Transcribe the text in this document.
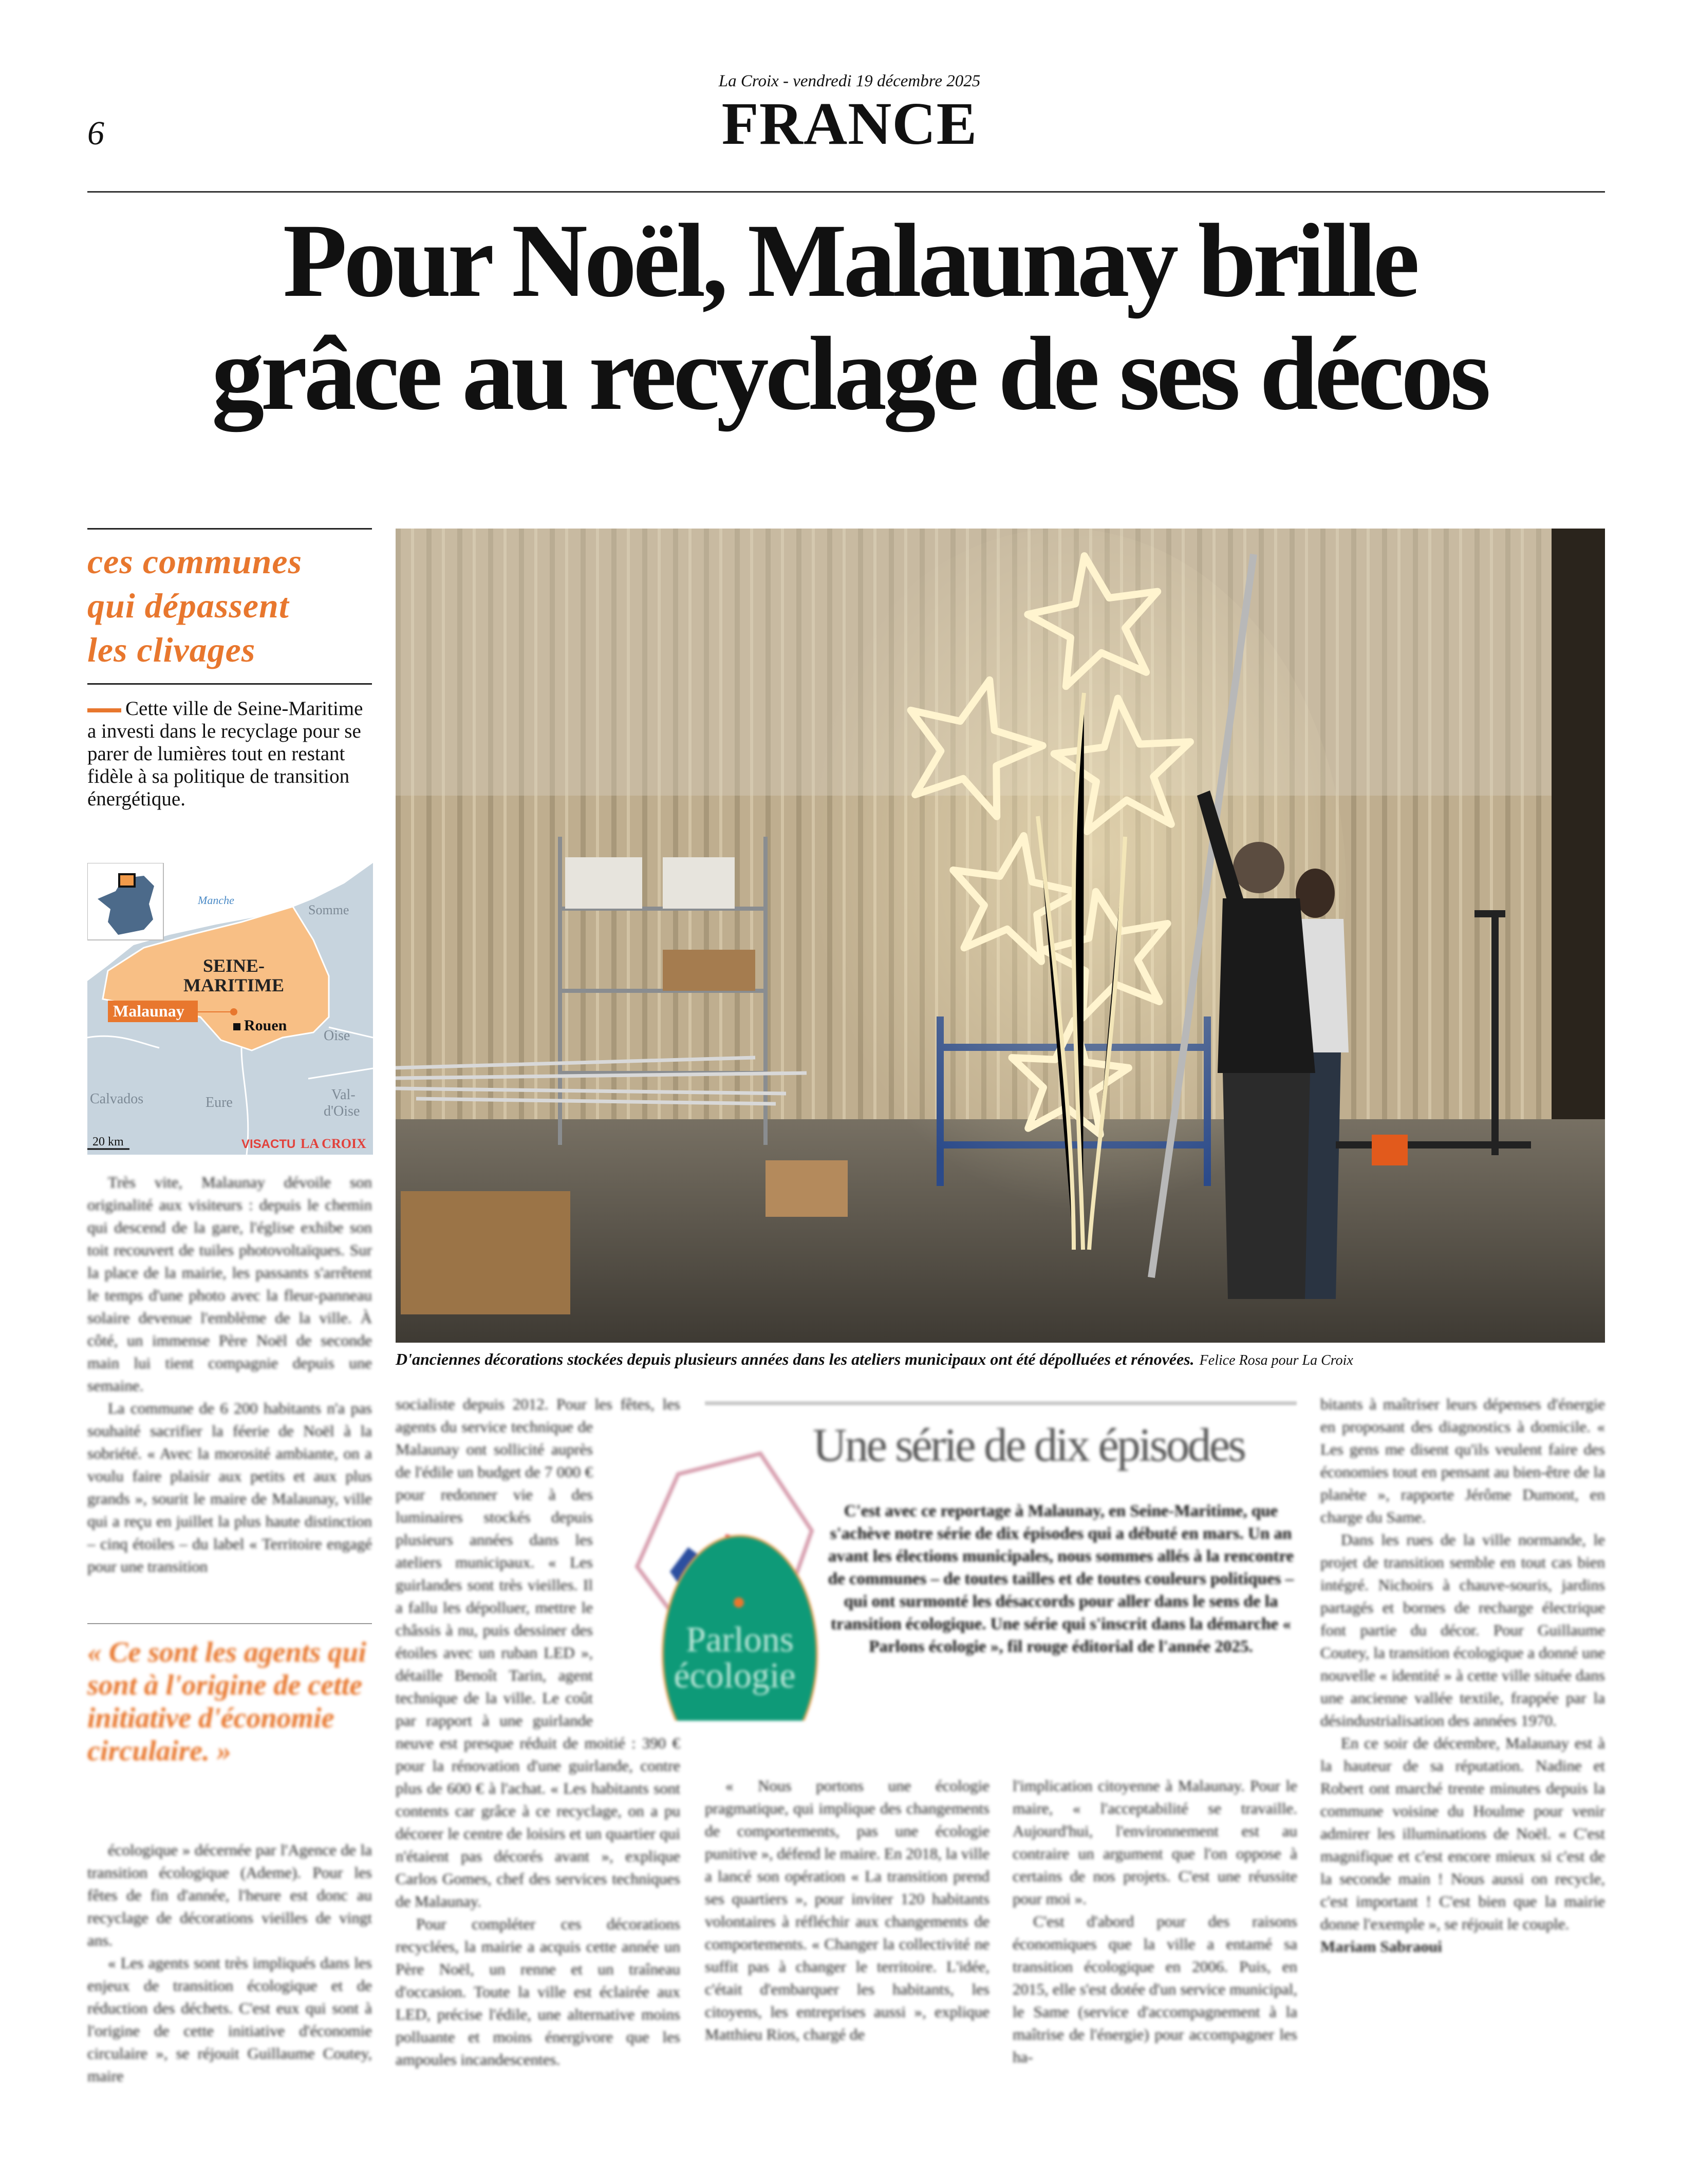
La Croix - vendredi 19 décembre 2025
FRANCE
6
Pour Noël, Malaunay brille
grâce au recyclage de ses décos
ces communes
qui dépassent
les clivages
Cette ville de Seine-Maritime a investi dans le recyclage pour se parer de lumières tout en restant fidèle à sa politique de transition énergétique.
Manche
Somme
SEINE-
MARITIME
Malaunay
Rouen
Oise
Calvados	Eure	Val-
d'Oise
20 km	VISACTU LA CROIX
D'anciennes décorations stockées depuis plusieurs années dans les ateliers municipaux ont été dépolluées et rénovées. Felice Rosa pour La Croix

Très vite, Malaunay dévoile son originalité aux visiteurs : depuis le chemin qui descend de la gare, l'église exhibe son toit recouvert de tuiles photovoltaïques. Sur la place de la mairie, les passants s'arrêtent le temps d'une photo avec la fleur-panneau solaire devenue l'emblème de la ville. À côté, un immense Père Noël de seconde main lui tient compagnie depuis une semaine.

La commune de 6 200 habitants n'a pas souhaité sacrifier la féerie de Noël à la sobriété. « Avec la morosité ambiante, on a voulu faire plaisir aux petits et aux plus grands », sourit le maire de Malaunay, ville qui a reçu en juillet la plus haute distinction – cinq étoiles – du label « Territoire engagé pour une transition

« Ce sont les agents qui sont à l'origine de cette initiative d'économie circulaire. »

écologique » décernée par l'Agence de la transition écologique (Ademe). Pour les fêtes de fin d'année, l'heure est donc au recyclage de décorations vieilles de vingt ans.

« Les agents sont très impliqués dans les enjeux de transition écologique et de réduction des déchets. C'est eux qui sont à l'origine de cette initiative d'économie circulaire », se réjouit Guillaume Coutey, maire

socialiste depuis 2012. Pour les fêtes, les agents du service technique de Malaunay ont sollicité auprès de l'édile un budget de 7 000 € pour redonner vie à des luminaires stockés depuis plusieurs années dans les ateliers municipaux. « Les guirlandes sont très vieilles. Il a fallu les dépolluer, mettre le châssis à nu, puis dessiner des étoiles avec un ruban LED », détaille Benoît Tarin, agent technique de la ville. Le coût par rapport à une guirlande neuve est presque réduit de moitié : 390 € pour la rénovation d'une guirlande, contre plus de 600 € à l'achat. « Les habitants sont contents car grâce à ce recyclage, on a pu décorer le centre de loisirs et un quartier qui n'étaient pas décorés avant », explique Carlos Gomes, chef des services techniques de Malaunay.

Pour compléter ces décorations recyclées, la mairie a acquis cette année un Père Noël, un renne et un traîneau d'occasion. Toute la ville est éclairée aux LED, précise l'édile, une alternative moins polluante et moins énergivore que les ampoules incandescentes.

« Nous portons une écologie pragmatique, qui implique des changements de comportements, pas une écologie punitive », défend le maire. En 2018, la ville a lancé son opération « La transition prend ses quartiers », pour inviter 120 habitants volontaires à réfléchir aux changements de comportements. « Changer la collectivité ne suffit pas à changer le territoire. L'idée, c'était d'embarquer les habitants, les citoyens, les entreprises aussi », explique Matthieu Rios, chargé de

l'implication citoyenne à Malaunay. Pour le maire, « l'acceptabilité se travaille. Aujourd'hui, l'environnement est au contraire un argument que l'on oppose à certains de nos projets. C'est une réussite pour moi ».

C'est d'abord pour des raisons économiques que la ville a entamé sa transition écologique en 2006. Puis, en 2015, elle s'est dotée d'un service municipal, le Same (service d'accompagnement à la maîtrise de l'énergie) pour accompagner les ha-

bitants à maîtriser leurs dépenses d'énergie en proposant des diagnostics à domicile. « Les gens me disent qu'ils veulent faire des économies tout en pensant au bien-être de la planète », rapporte Jérôme Dumont, en charge du Same.

Dans les rues de la ville normande, le projet de transition semble en tout cas bien intégré. Nichoirs à chauve-souris, jardins partagés et bornes de recharge électrique font partie du décor. Pour Guillaume Coutey, la transition écologique a donné une nouvelle « identité » à cette ville située dans une ancienne vallée textile, frappée par la désindustrialisation des années 1970.

En ce soir de décembre, Malaunay est à la hauteur de sa réputation. Nadine et Robert ont marché trente minutes depuis la commune voisine du Houlme pour venir admirer les illuminations de Noël. « C'est magnifique et c'est encore mieux si c'est de la seconde main ! Nous aussi on recycle, c'est important ! C'est bien que la mairie donne l'exemple », se réjouit le couple.

Mariam Sabraoui

Une série de dix épisodes
Parlons
écologie
C'est avec ce reportage à Malaunay, en Seine-Maritime, que s'achève notre série de dix épisodes qui a débuté en mars. Un an avant les élections municipales, nous sommes allés à la rencontre de communes – de toutes tailles et de toutes couleurs politiques – qui ont surmonté les désaccords pour aller dans le sens de la transition écologique. Une série qui s'inscrit dans la démarche « Parlons écologie », fil rouge éditorial de l'année 2025.
